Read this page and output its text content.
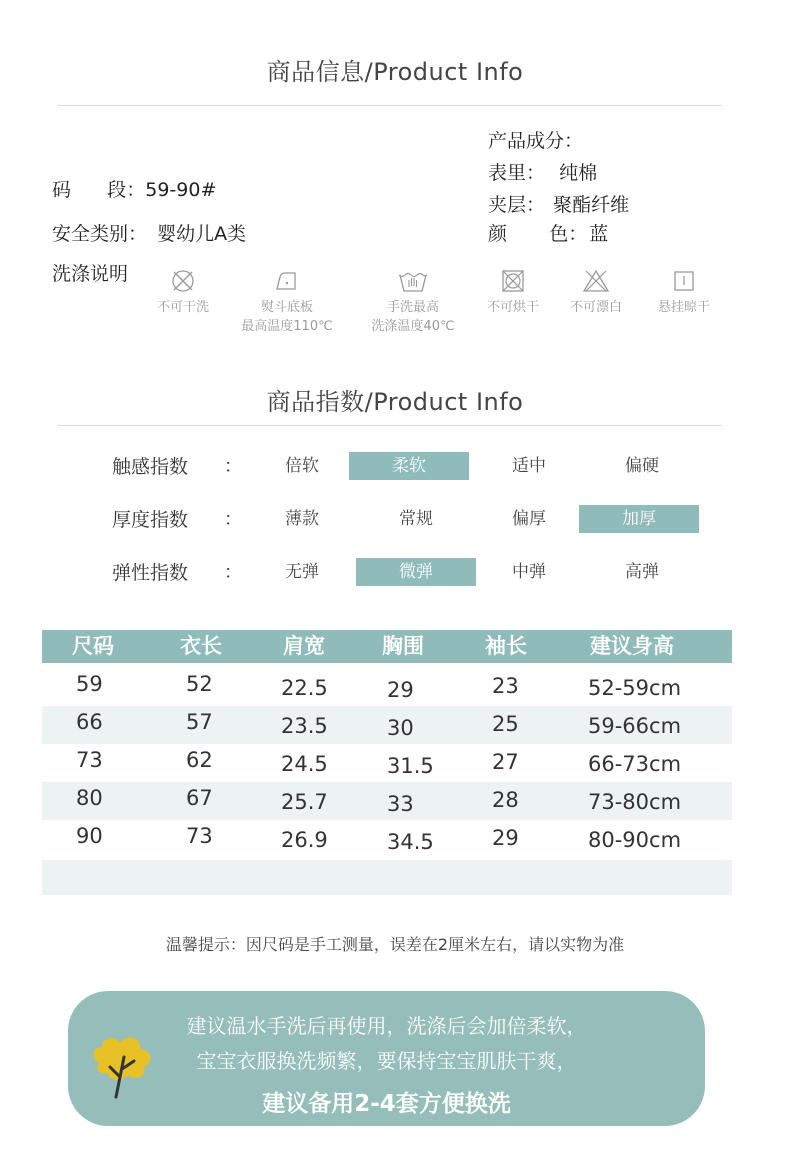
商品信息/Product Info
码      段：59-90#
安全类别： 婴幼儿A类
洗涤说明
产品成分：
表里： 纯棉
夹层： 聚酯纤维
颜       色： 蓝
不可干洗	熨斗底板
最高温度110℃
手洗最高
洗涤温度40℃
不可烘干	不可漂白	悬挂晾干
商品指数/Product Info
触感指数 ：	倍软	柔软	适中	偏硬
厚度指数 ：	薄款	常规	偏厚	加厚
弹性指数 ：	无弹	微弹	中弹	高弹
尺码	衣长	肩宽	胸围	袖长	建议身高
59	52	22.5	29	23	52-59cm
66	57	23.5	30	25	59-66cm
73	62	24.5	31.5	27	66-73cm
80	67	25.7	33	28	73-80cm
90	73	26.9	34.5	29	80-90cm
温馨提示：因尺码是手工测量，误差在2厘米左右，请以实物为准
建议温水手洗后再使用，洗涤后会加倍柔软，
宝宝衣服换洗频繁，要保持宝宝肌肤干爽，
建议备用2-4套方便换洗
